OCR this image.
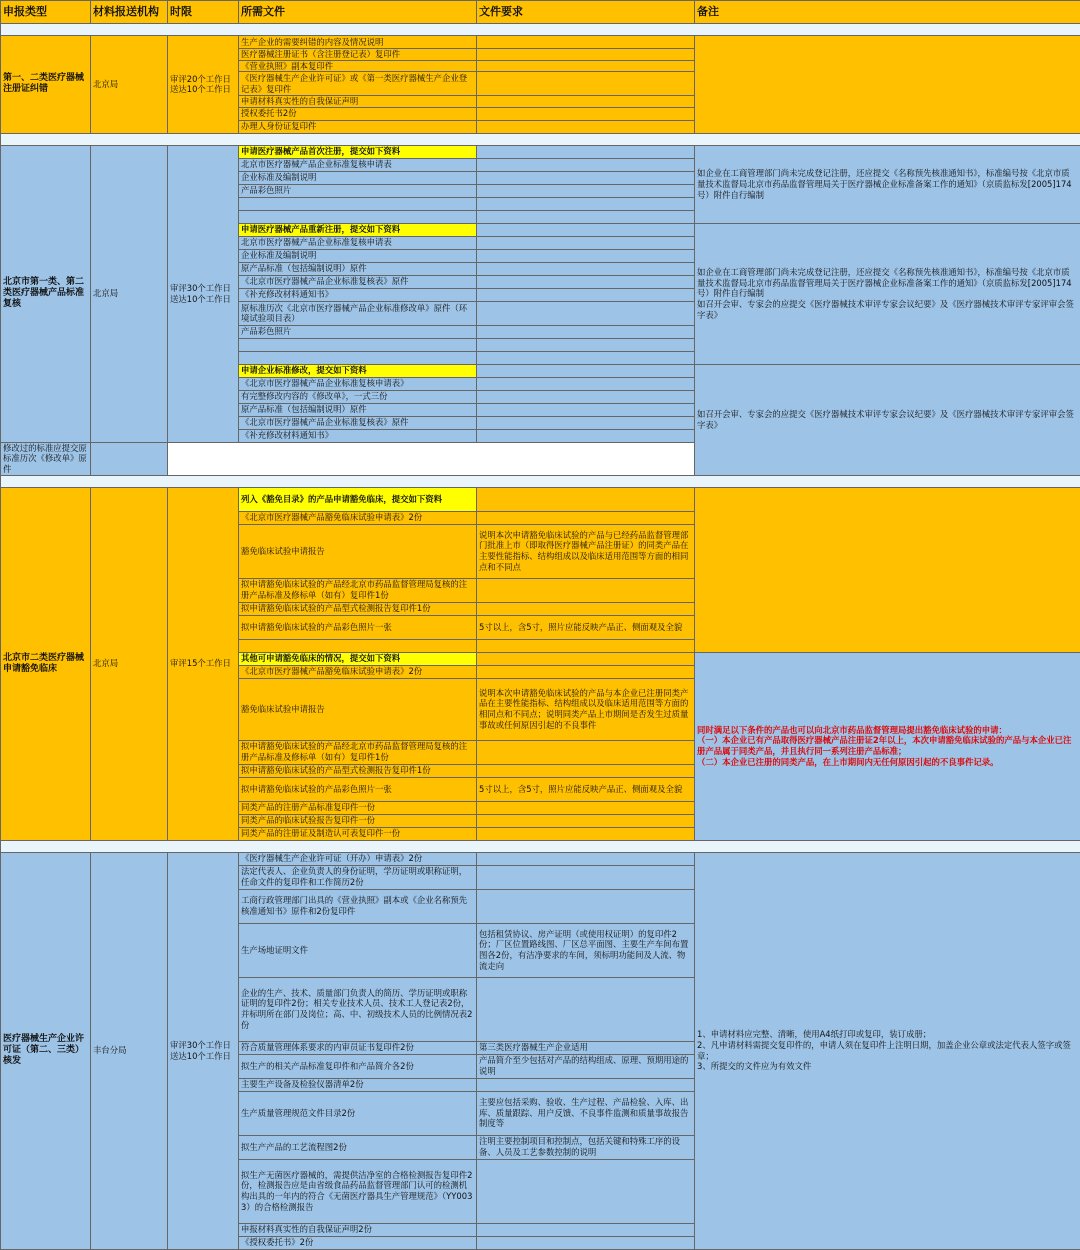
申报类型	材料报送机构	时限	所需文件	文件要求	备注

第一、二类医疗器械注册证纠错	北京局	审评20个工作日送达10个工作日	生产企业的需要纠错的内容及情况说明		
			医疗器械注册证书（含注册登记表）复印件		
			《营业执照》副本复印件		
			《医疗器械生产企业许可证》或《第一类医疗器械生产企业登记表》复印件		
			申请材料真实性的自我保证声明		
			授权委托书2份		
			办理人身份证复印件		

北京市第一类、第二类医疗器械产品标准复核	北京局	审评30个工作日送达10个工作日	申请医疗器械产品首次注册，提交如下资料		如企业在工商管理部门尚未完成登记注册，还应提交《名称预先核准通知书》，标准编号按《北京市质量技术监督局北京市药品监督管理局关于医疗器械企业标准备案工作的通知》（京质监标发[2005]174号）附件自行编制
			北京市医疗器械产品企业标准复核申请表		
			企业标准及编制说明		
			产品彩色照片		

			申请医疗器械产品重新注册，提交如下资料		如企业在工商管理部门尚未完成登记注册，还应提交《名称预先核准通知书》，标准编号按《北京市质量技术监督局北京市药品监督管理局关于医疗器械企业标准备案工作的通知》（京质监标发[2005]174号）附件自行编制
如召开会审、专家会的应提交《医疗器械技术审评专家会议纪要》及《医疗器械技术审评专家评审会签字表》
			北京市医疗器械产品企业标准复核申请表		
			企业标准及编制说明		
			原产品标准（包括编制说明）原件		
			《北京市医疗器械产品企业标准复核表》原件		
			《补充修改材料通知书》		
			原标准历次《北京市医疗器械产品企业标准修改单》原件（环境试验项目表）		
			产品彩色照片		

			申请企业标准修改，提交如下资料		如召开会审、专家会的应提交《医疗器械技术审评专家会议纪要》及《医疗器械技术审评专家评审会签字表》
			《北京市医疗器械产品企业标准复核申请表》		
			有完整修改内容的《修改单》，一式三份		
			原产品标准（包括编制说明）原件		
			《北京市医疗器械产品企业标准复核表》原件		
			《补充修改材料通知书》		
修改过的标准应提交原标准历次《修改单》原件					

北京市二类医疗器械申请豁免临床	北京局	审评15个工作日	列入《豁免目录》的产品申请豁免临床，提交如下资料		
			《北京市医疗器械产品豁免临床试验申请表》2份		
			豁免临床试验申请报告	说明本次申请豁免临床试验的产品与已经药品监督管理部门批准上市（即取得医疗器械产品注册证）的同类产品在主要性能指标、结构组成以及临床适用范围等方面的相同点和不同点	
			拟申请豁免临床试验的产品经北京市药品监督管理局复核的注册产品标准及修标单（如有）复印件1份		
			拟申请豁免临床试验的产品型式检测报告复印件1份		
			拟申请豁免临床试验的产品彩色照片一张	5寸以上，含5寸，照片应能反映产品正、侧面观及全貌	

			其他可申请豁免临床的情况，提交如下资料		同时满足以下条件的产品也可以向北京市药品监督管理局提出豁免临床试验的申请：
（一）本企业已有产品取得医疗器械产品注册证2年以上，本次申请豁免临床试验的产品与本企业已注册产品属于同类产品，并且执行同一系列注册产品标准；
（二）本企业已注册的同类产品，在上市期间内无任何原因引起的不良事件记录。
			《北京市医疗器械产品豁免临床试验申请表》2份		
			豁免临床试验申请报告	说明本次申请豁免临床试验的产品与本企业已注册同类产品在主要性能指标、结构组成以及临床适用范围等方面的相同点和不同点；说明同类产品上市期间是否发生过质量事故或任何原因引起的不良事件	
			拟申请豁免临床试验的产品经北京市药品监督管理局复核的注册产品标准及修标单（如有）复印件1份		
			拟申请豁免临床试验的产品型式检测报告复印件1份		
			拟申请豁免临床试验的产品彩色照片一张	5寸以上，含5寸，照片应能反映产品正、侧面观及全貌	
			同类产品的注册产品标准复印件一份		
			同类产品的临床试验报告复印件一份		
			同类产品的注册证及制造认可表复印件一份		

医疗器械生产企业许可证（第二、三类）核发	丰台分局	审评30个工作日送达10个工作日	《医疗器械生产企业许可证（开办）申请表》2份		1、申请材料应完整、清晰，使用A4纸打印或复印，装订成册；
2、凡申请材料需提交复印件的，申请人须在复印件上注明日期，加盖企业公章或法定代表人签字或签章；
3、所提交的文件应为有效文件
			法定代表人、企业负责人的身份证明，学历证明或职称证明，任命文件的复印件和工作简历2份		
			工商行政管理部门出具的《营业执照》副本或《企业名称预先核准通知书》原件和2份复印件		
			生产场地证明文件	包括租赁协议、房产证明（或使用权证明）的复印件2份；厂区位置路线图、厂区总平面图、主要生产车间布置图各2份，有洁净要求的车间，须标明功能间及人流、物流走向	
			企业的生产、技术、质量部门负责人的简历、学历证明或职称证明的复印件2份；相关专业技术人员、技术工人登记表2份，并标明所在部门及岗位；高、中、初级技术人员的比例情况表2份		
			符合质量管理体系要求的内审员证书复印件2份	第三类医疗器械生产企业适用	
			拟生产的相关产品标准复印件和产品简介各2份	产品简介至少包括对产品的结构组成、原理、预期用途的说明	
			主要生产设备及检验仪器清单2份		
			生产质量管理规范文件目录2份	主要应包括采购、验收、生产过程、产品检验、入库、出库、质量跟踪、用户反馈、不良事件监测和质量事故报告制度等	
			拟生产产品的工艺流程图2份	注明主要控制项目和控制点，包括关键和特殊工序的设备、人员及工艺参数控制的说明	
			拟生产无菌医疗器械的，需提供洁净室的合格检测报告复印件2份，检测报告应是由省级食品药品监督管理部门认可的检测机构出具的一年内的符合《无菌医疗器具生产管理规范》（YY0033）的合格检测报告		
			申报材料真实性的自我保证声明2份		
			《授权委托书》2份		
